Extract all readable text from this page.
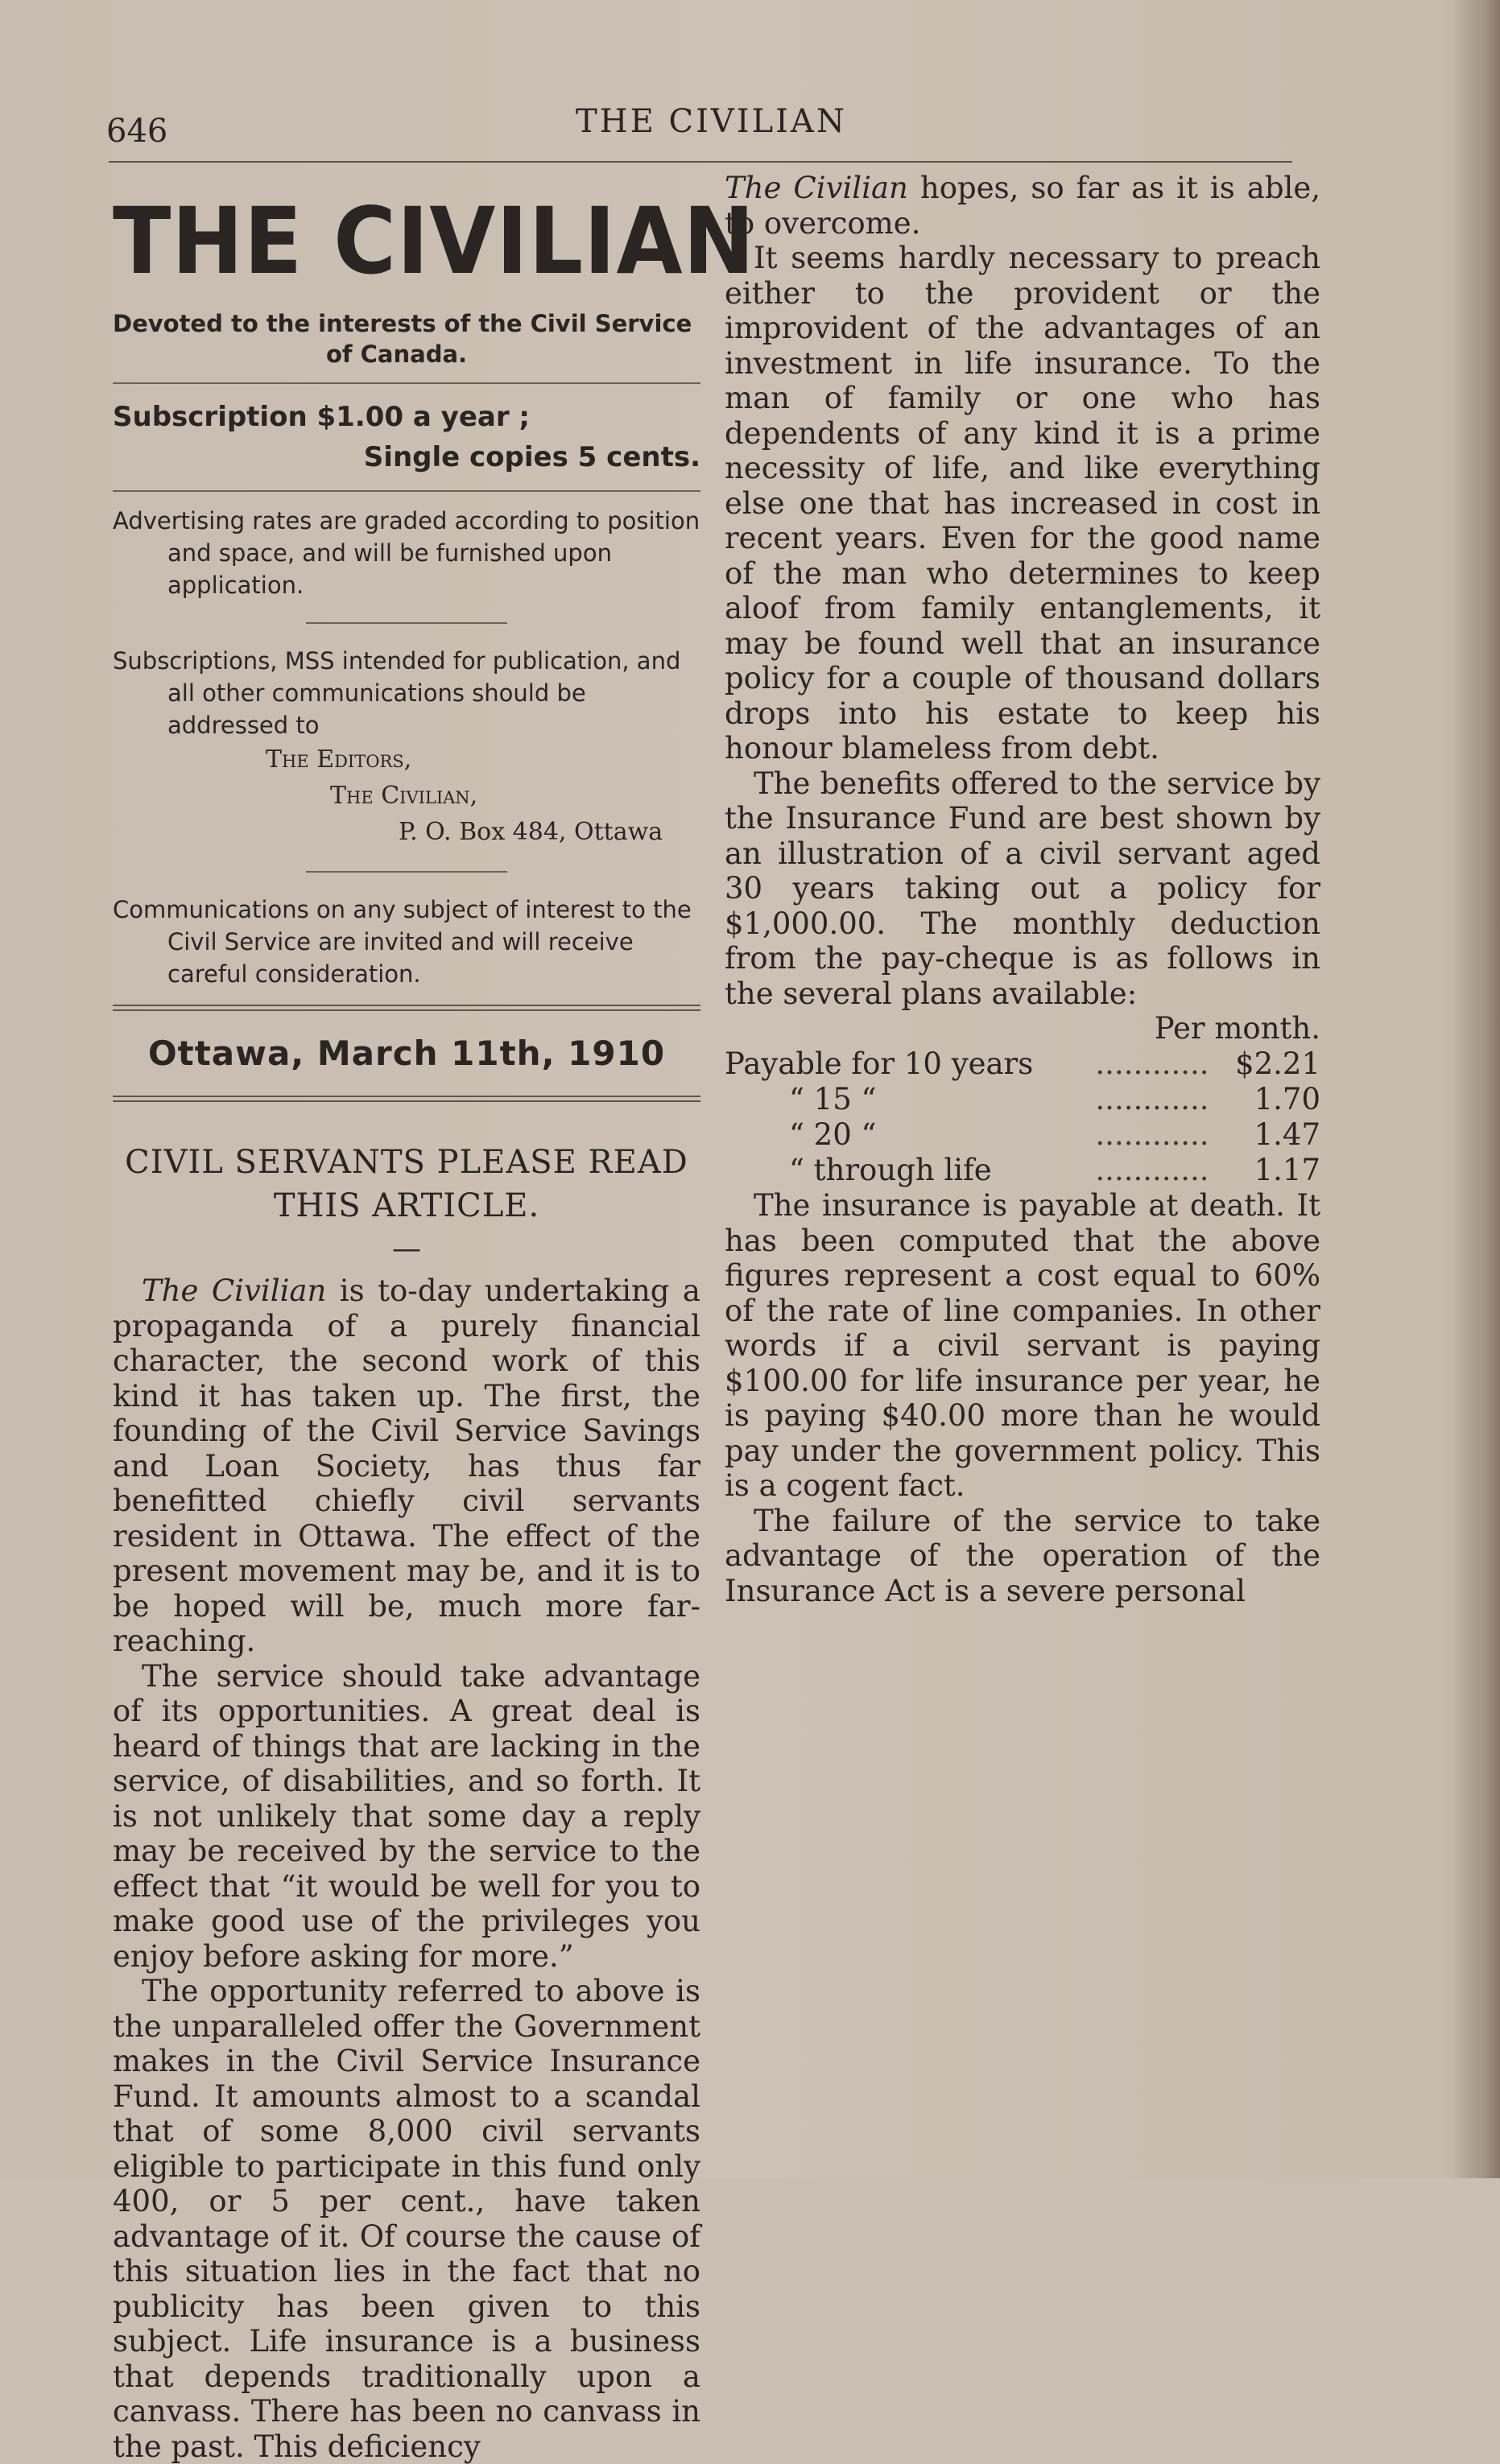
646	THE CIVILIAN
THE CIVILIAN
Devoted to the interests of the Civil Service
of Canada.
Subscription $1.00 a year ;
Single copies 5 cents.
Advertising rates are graded according to position and space, and will be furnished upon application.
Subscriptions, MSS intended for publication, and all other communications should be addressed to
The Editors,
The Civilian,
P. O. Box 484, Ottawa
Communications on any subject of interest to the Civil Service are invited and will receive careful consideration.
Ottawa, March 11th, 1910
CIVIL SERVANTS PLEASE READ
THIS ARTICLE.
—

The Civilian is to-day undertaking a propaganda of a purely financial character, the second work of this kind it has taken up. The first, the founding of the Civil Service Savings and Loan Society, has thus far benefitted chiefly civil servants resident in Ottawa. The effect of the present movement may be, and it is to be hoped will be, much more far-reaching.

The service should take advantage of its opportunities. A great deal is heard of things that are lacking in the service, of disabilities, and so forth. It is not unlikely that some day a reply may be received by the service to the effect that “it would be well for you to make good use of the privileges you enjoy before asking for more.”

The opportunity referred to above is the unparalleled offer the Government makes in the Civil Service Insurance Fund. It amounts almost to a scandal that of some 8,000 civil servants eligible to participate in this fund only 400, or 5 per cent., have taken advantage of it. Of course the cause of this situation lies in the fact that no publicity has been given to this subject. Life insurance is a business that depends traditionally upon a canvass. There has been no canvass in the past. This deficiency

The Civilian hopes, so far as it is able, to overcome.

It seems hardly necessary to preach either to the provident or the improvident of the advantages of an investment in life insurance. To the man of family or one who has dependents of any kind it is a prime necessity of life, and like everything else one that has increased in cost in recent years. Even for the good name of the man who determines to keep aloof from family entanglements, it may be found well that an insurance policy for a couple of thousand dollars drops into his estate to keep his honour blameless from debt.

The benefits offered to the service by the Insurance Fund are best shown by an illustration of a civil servant aged 30 years taking out a policy for $1,000.00. The monthly deduction from the pay-cheque is as follows in the several plans available:

Per month.
Payable for 10 years	............	$2.21
“ 15 “	............	1.70
“ 20 “	............	1.47
“ through life	............	1.17

The insurance is payable at death. It has been computed that the above figures represent a cost equal to 60% of the rate of line companies. In other words if a civil servant is paying $100.00 for life insurance per year, he is paying $40.00 more than he would pay under the government policy. This is a cogent fact.

The failure of the service to take advantage of the operation of the Insurance Act is a severe personal
